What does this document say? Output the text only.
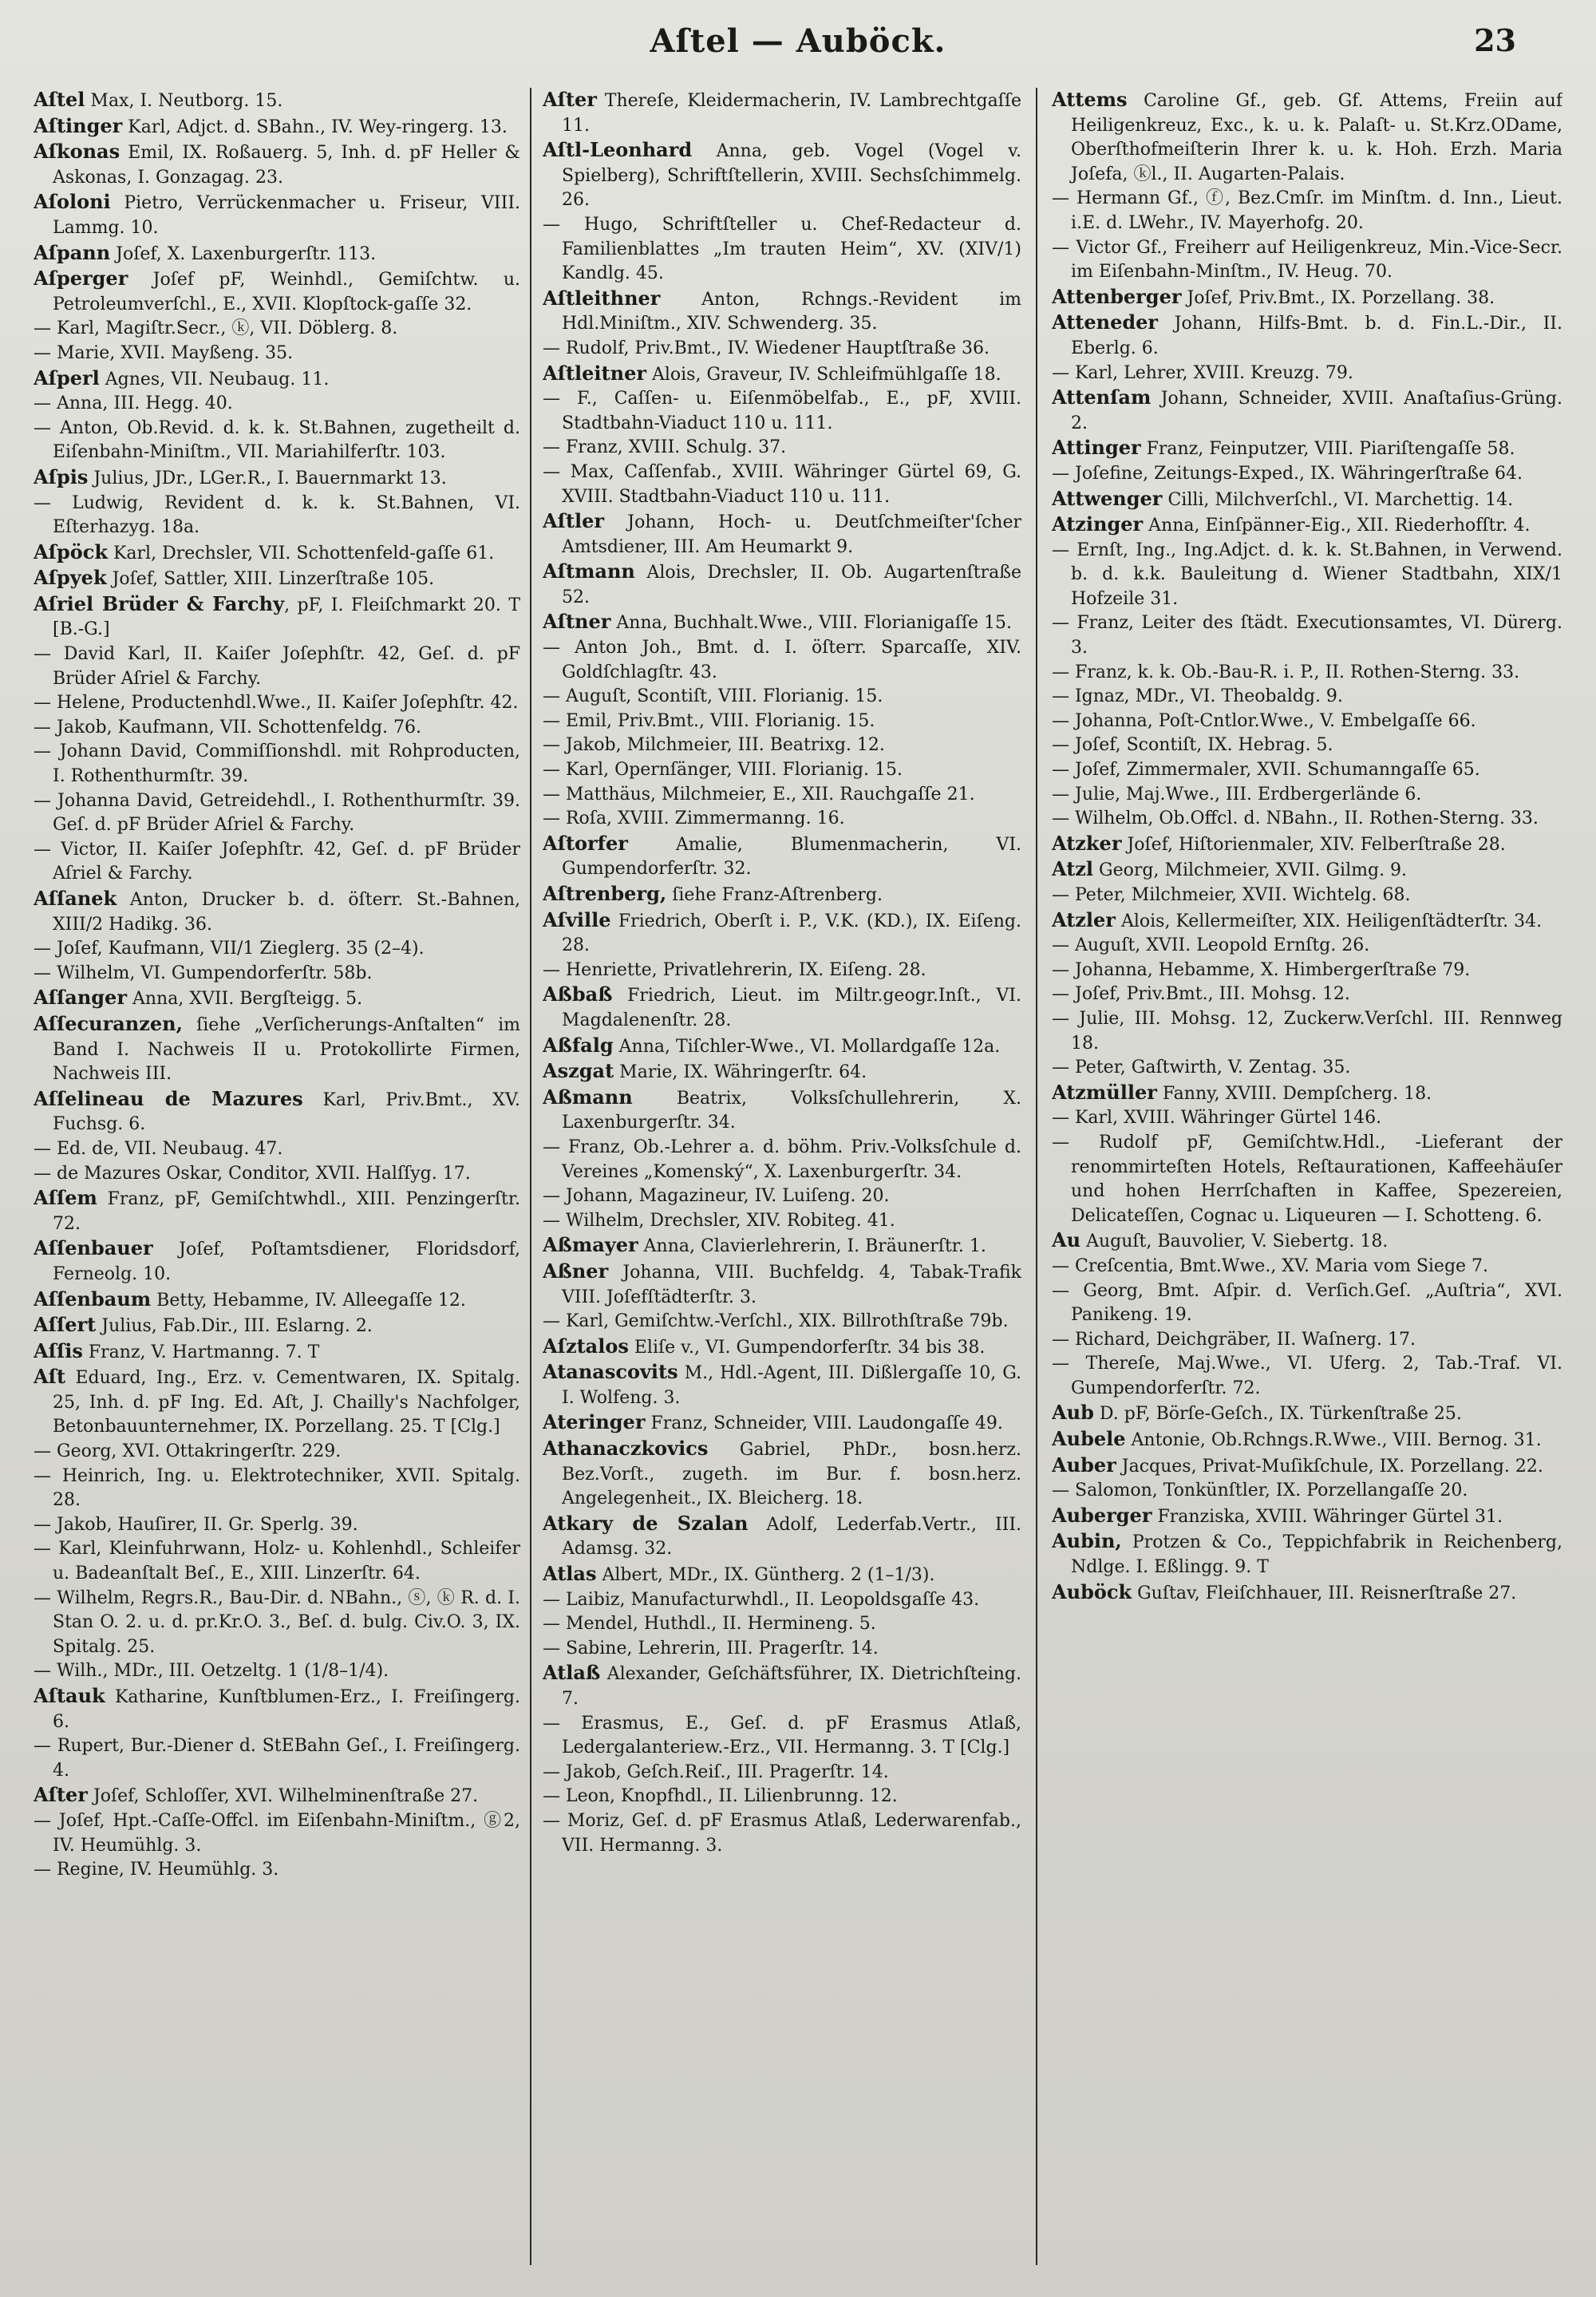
Aſtel — Auböck.	23
Aſtel Max, I. Neutborg. 15.
Aſtinger Karl, Adjct. d. SBahn., IV. Wey-ringerg. 13.
Aſkonas Emil, IX. Roßauerg. 5, Inh. d. pF Heller & Askonas, I. Gonzagag. 23.
Aſoloni Pietro, Verrückenmacher u. Friseur, VIII. Lammg. 10.
Aſpann Joſef, X. Laxenburgerſtr. 113.
Aſperger Joſef pF, Weinhdl., Gemiſchtw. u. Petroleumverſchl., E., XVII. Klopſtock-gaſſe 32.
— Karl, Magiſtr.Secr., ⓚ, VII. Döblerg. 8.
— Marie, XVII. Mayßeng. 35.
Aſperl Agnes, VII. Neubaug. 11.
— Anna, III. Hegg. 40.
— Anton, Ob.Revid. d. k. k. St.Bahnen, zugetheilt d. Eiſenbahn-Miniſtm., VII. Mariahilferſtr. 103.
Aſpis Julius, JDr., LGer.R., I. Bauernmarkt 13.
— Ludwig, Revident d. k. k. St.Bahnen, VI. Eſterhazyg. 18a.
Aſpöck Karl, Drechsler, VII. Schottenfeld-gaſſe 61.
Aſpyek Joſef, Sattler, XIII. Linzerſtraße 105.
Aſriel Brüder & Farchy, pF, I. Fleiſchmarkt 20. T [B.-G.]
— David Karl, II. Kaiſer Joſephſtr. 42, Geſ. d. pF Brüder Aſriel & Farchy.
— Helene, Productenhdl.Wwe., II. Kaiſer Joſephſtr. 42.
— Jakob, Kaufmann, VII. Schottenfeldg. 76.
— Johann David, Commiſſionshdl. mit Rohproducten, I. Rothenthurmſtr. 39.
— Johanna David, Getreidehdl., I. Rothenthurmſtr. 39. Geſ. d. pF Brüder Aſriel & Farchy.
— Victor, II. Kaiſer Joſephſtr. 42, Geſ. d. pF Brüder Aſriel & Farchy.
Aſſanek Anton, Drucker b. d. öſterr. St.-Bahnen, XIII/2 Hadikg. 36.
— Joſef, Kaufmann, VII/1 Zieglerg. 35 (2–4).
— Wilhelm, VI. Gumpendorferſtr. 58b.
Aſſanger Anna, XVII. Bergſteigg. 5.
Aſſecuranzen, ſiehe „Verſicherungs-Anſtalten“ im Band I. Nachweis II u. Protokollirte Firmen, Nachweis III.
Aſſelineau de Mazures Karl, Priv.Bmt., XV. Fuchsg. 6.
— Ed. de, VII. Neubaug. 47.
— de Mazures Oskar, Conditor, XVII. Halſſyg. 17.
Aſſem Franz, pF, Gemiſchtwhdl., XIII. Penzingerſtr. 72.
Aſſenbauer Joſef, Poſtamtsdiener, Floridsdorf, Ferneolg. 10.
Aſſenbaum Betty, Hebamme, IV. Alleegaſſe 12.
Aſſert Julius, Fab.Dir., III. Eslarng. 2.
Aſſis Franz, V. Hartmanng. 7. T
Aſt Eduard, Ing., Erz. v. Cementwaren, IX. Spitalg. 25, Inh. d. pF Ing. Ed. Aſt, J. Chailly's Nachfolger, Betonbauunternehmer, IX. Porzellang. 25. T [Clg.]
— Georg, XVI. Ottakringerſtr. 229.
— Heinrich, Ing. u. Elektrotechniker, XVII. Spitalg. 28.
— Jakob, Hauſirer, II. Gr. Sperlg. 39.
— Karl, Kleinfuhrwann, Holz- u. Kohlenhdl., Schleifer u. Badeanſtalt Beſ., E., XIII. Linzerſtr. 64.
— Wilhelm, Regrs.R., Bau-Dir. d. NBahn., ⓢ, ⓚ R. d. I. Stan O. 2. u. d. pr.Kr.O. 3., Beſ. d. bulg. Civ.O. 3, IX. Spitalg. 25.
— Wilh., MDr., III. Oetzeltg. 1 (1/8–1/4).
Aſtauk Katharine, Kunſtblumen-Erz., I. Freiſingerg. 6.
— Rupert, Bur.-Diener d. StEBahn Geſ., I. Freiſingerg. 4.
Aſter Joſef, Schloſſer, XVI. Wilhelminenſtraße 27.
— Joſef, Hpt.-Caſſe-Offcl. im Eiſenbahn-Miniſtm., ⓖ2, IV. Heumühlg. 3.
— Regine, IV. Heumühlg. 3.
Aſter Thereſe, Kleidermacherin, IV. Lambrechtgaſſe 11.
Aſtl-Leonhard Anna, geb. Vogel (Vogel v. Spielberg), Schriftſtellerin, XVIII. Sechsſchimmelg. 26.
— Hugo, Schriftſteller u. Chef-Redacteur d. Familienblattes „Im trauten Heim“, XV. (XIV/1) Kandlg. 45.
Aſtleithner Anton, Rchngs.-Revident im Hdl.Miniſtm., XIV. Schwenderg. 35.
— Rudolf, Priv.Bmt., IV. Wiedener Hauptſtraße 36.
Aſtleitner Alois, Graveur, IV. Schleifmühlgaſſe 18.
— F., Caſſen- u. Eiſenmöbelfab., E., pF, XVIII. Stadtbahn-Viaduct 110 u. 111.
— Franz, XVIII. Schulg. 37.
— Max, Caſſenfab., XVIII. Währinger Gürtel 69, G. XVIII. Stadtbahn-Viaduct 110 u. 111.
Aſtler Johann, Hoch- u. Deutſchmeiſter'ſcher Amtsdiener, III. Am Heumarkt 9.
Aſtmann Alois, Drechsler, II. Ob. Augartenſtraße 52.
Aſtner Anna, Buchhalt.Wwe., VIII. Florianigaſſe 15.
— Anton Joh., Bmt. d. I. öſterr. Sparcaſſe, XIV. Goldſchlagſtr. 43.
— Auguſt, Scontiſt, VIII. Florianig. 15.
— Emil, Priv.Bmt., VIII. Florianig. 15.
— Jakob, Milchmeier, III. Beatrixg. 12.
— Karl, Opernſänger, VIII. Florianig. 15.
— Matthäus, Milchmeier, E., XII. Rauchgaſſe 21.
— Roſa, XVIII. Zimmermanng. 16.
Aſtorfer Amalie, Blumenmacherin, VI. Gumpendorferſtr. 32.
Aſtrenberg, ſiehe Franz-Aſtrenberg.
Aſville Friedrich, Oberſt i. P., V.K. (KD.), IX. Eiſeng. 28.
— Henriette, Privatlehrerin, IX. Eiſeng. 28.
Aßbaß Friedrich, Lieut. im Miltr.geogr.Inſt., VI. Magdalenenſtr. 28.
Aßfalg Anna, Tiſchler-Wwe., VI. Mollardgaſſe 12a.
Aszgat Marie, IX. Währingerſtr. 64.
Aßmann Beatrix, Volksſchullehrerin, X. Laxenburgerſtr. 34.
— Franz, Ob.-Lehrer a. d. böhm. Priv.-Volksſchule d. Vereines „Komenský“, X. Laxenburgerſtr. 34.
— Johann, Magazineur, IV. Luiſeng. 20.
— Wilhelm, Drechsler, XIV. Robiteg. 41.
Aßmayer Anna, Clavierlehrerin, I. Bräunerſtr. 1.
Aßner Johanna, VIII. Buchfeldg. 4, Tabak-Trafik VIII. Joſefſtädterſtr. 3.
— Karl, Gemiſchtw.-Verſchl., XIX. Billrothſtraße 79b.
Aſztalos Eliſe v., VI. Gumpendorferſtr. 34 bis 38.
Atanascovits M., Hdl.-Agent, III. Dißlergaſſe 10, G. I. Wolfeng. 3.
Ateringer Franz, Schneider, VIII. Laudongaſſe 49.
Athanaczkovics Gabriel, PhDr., bosn.herz. Bez.Vorſt., zugeth. im Bur. f. bosn.herz. Angelegenheit., IX. Bleicherg. 18.
Atkary de Szalan Adolf, Lederfab.Vertr., III. Adamsg. 32.
Atlas Albert, MDr., IX. Güntherg. 2 (1–1/3).
— Laibiz, Manufacturwhdl., II. Leopoldsgaſſe 43.
— Mendel, Huthdl., II. Hermineng. 5.
— Sabine, Lehrerin, III. Pragerſtr. 14.
Atlaß Alexander, Geſchäftsführer, IX. Dietrichſteing. 7.
— Erasmus, E., Geſ. d. pF Erasmus Atlaß, Ledergalanteriew.-Erz., VII. Hermanng. 3. T [Clg.]
— Jakob, Geſch.Reiſ., III. Pragerſtr. 14.
— Leon, Knopfhdl., II. Lilienbrunng. 12.
— Moriz, Geſ. d. pF Erasmus Atlaß, Lederwarenfab., VII. Hermanng. 3.
Attems Caroline Gf., geb. Gf. Attems, Freiin auf Heiligenkreuz, Exc., k. u. k. Palaſt- u. St.Krz.ODame, Oberſthofmeiſterin Ihrer k. u. k. Hoh. Erzh. Maria Joſefa, ⓚl., II. Augarten-Palais.
— Hermann Gf., ⓕ, Bez.Cmſr. im Minſtm. d. Inn., Lieut. i.E. d. LWehr., IV. Mayerhofg. 20.
— Victor Gf., Freiherr auf Heiligenkreuz, Min.-Vice-Secr. im Eiſenbahn-Minſtm., IV. Heug. 70.
Attenberger Joſef, Priv.Bmt., IX. Porzellang. 38.
Atteneder Johann, Hilfs-Bmt. b. d. Fin.L.-Dir., II. Eberlg. 6.
— Karl, Lehrer, XVIII. Kreuzg. 79.
Attenſam Johann, Schneider, XVIII. Anaſtaſius-Grüng. 2.
Attinger Franz, Feinputzer, VIII. Piariſtengaſſe 58.
— Joſefine, Zeitungs-Exped., IX. Währingerſtraße 64.
Attwenger Cilli, Milchverſchl., VI. Marchettig. 14.
Atzinger Anna, Einſpänner-Eig., XII. Riederhofſtr. 4.
— Ernſt, Ing., Ing.Adjct. d. k. k. St.Bahnen, in Verwend. b. d. k.k. Bauleitung d. Wiener Stadtbahn, XIX/1 Hofzeile 31.
— Franz, Leiter des ſtädt. Executionsamtes, VI. Dürerg. 3.
— Franz, k. k. Ob.-Bau-R. i. P., II. Rothen-Sterng. 33.
— Ignaz, MDr., VI. Theobaldg. 9.
— Johanna, Poſt-Cntlor.Wwe., V. Embelgaſſe 66.
— Joſef, Scontiſt, IX. Hebrag. 5.
— Joſef, Zimmermaler, XVII. Schumanngaſſe 65.
— Julie, Maj.Wwe., III. Erdbergerlände 6.
— Wilhelm, Ob.Offcl. d. NBahn., II. Rothen-Sterng. 33.
Atzker Joſef, Hiſtorienmaler, XIV. Felberſtraße 28.
Atzl Georg, Milchmeier, XVII. Gilmg. 9.
— Peter, Milchmeier, XVII. Wichtelg. 68.
Atzler Alois, Kellermeiſter, XIX. Heiligenſtädterſtr. 34.
— Auguſt, XVII. Leopold Ernſtg. 26.
— Johanna, Hebamme, X. Himbergerſtraße 79.
— Joſef, Priv.Bmt., III. Mohsg. 12.
— Julie, III. Mohsg. 12, Zuckerw.Verſchl. III. Rennweg 18.
— Peter, Gaſtwirth, V. Zentag. 35.
Atzmüller Fanny, XVIII. Dempſcherg. 18.
— Karl, XVIII. Währinger Gürtel 146.
— Rudolf pF, Gemiſchtw.Hdl., -Lieferant der renommirteſten Hotels, Reſtaurationen, Kaffeehäuſer und hohen Herrſchaften in Kaffee, Spezereien, Delicateſſen, Cognac u. Liqueuren — I. Schotteng. 6.
Au Auguſt, Bauvolier, V. Siebertg. 18.
— Creſcentia, Bmt.Wwe., XV. Maria vom Siege 7.
— Georg, Bmt. Aſpir. d. Verſich.Geſ. „Auſtria“, XVI. Panikeng. 19.
— Richard, Deichgräber, II. Waſnerg. 17.
— Thereſe, Maj.Wwe., VI. Uferg. 2, Tab.-Traf. VI. Gumpendorferſtr. 72.
Aub D. pF, Börſe-Geſch., IX. Türkenſtraße 25.
Aubele Antonie, Ob.Rchngs.R.Wwe., VIII. Bernog. 31.
Auber Jacques, Privat-Muſikſchule, IX. Porzellang. 22.
— Salomon, Tonkünſtler, IX. Porzellangaſſe 20.
Auberger Franziska, XVIII. Währinger Gürtel 31.
Aubin, Protzen & Co., Teppichfabrik in Reichenberg, Ndlge. I. Eßlingg. 9. T
Auböck Guſtav, Fleiſchhauer, III. Reisnerſtraße 27.
